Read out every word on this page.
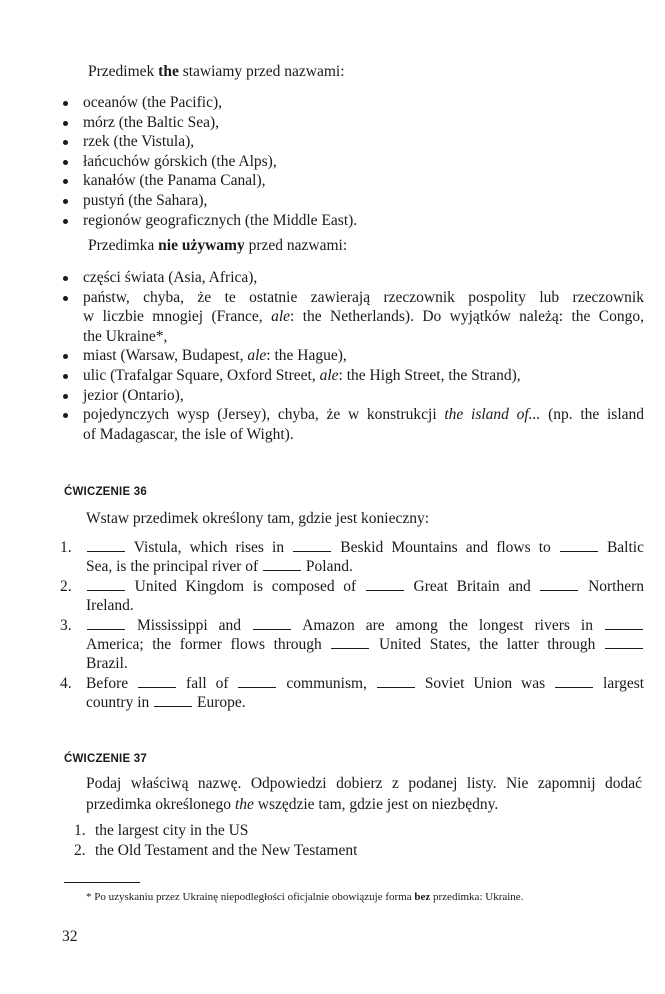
Przedimek the stawiamy przed nazwami:
oceanów (the Pacific),
mórz (the Baltic Sea),
rzek (the Vistula),
łańcuchów górskich (the Alps),
kanałów (the Panama Canal),
pustyń (the Sahara),
regionów geograficznych (the Middle East).
Przedimka nie używamy przed nazwami:
części świata (Asia, Africa),
państw, chyba, że te ostatnie zawierają rzeczownik pospolity lub rzeczownik
w liczbie mnogiej (France, ale: the Netherlands). Do wyjątków należą: the Congo,
the Ukraine*,
miast (Warsaw, Budapest, ale: the Hague),
ulic (Trafalgar Square, Oxford Street, ale: the High Street, the Strand),
jezior (Ontario),
pojedynczych wysp (Jersey), chyba, że w konstrukcji the island of... (np. the island
of Madagascar, the isle of Wight).
ĆWICZENIE 36
Wstaw przedimek określony tam, gdzie jest konieczny:
1.	Vistula, which rises in	Beskid Mountains and flows to	Baltic
Sea, is the principal river of	Poland.
2.	United Kingdom is composed of	Great Britain and	Northern
Ireland.
3.	Mississippi and	Amazon are among the longest rivers in
America; the former flows through	United States, the latter through
Brazil.
4. Before	fall of	communism,	Soviet Union was	largest
country in	Europe.
ĆWICZENIE 37
Podaj właściwą nazwę. Odpowiedzi dobierz z podanej listy. Nie zapomnij dodać
przedimka określonego the wszędzie tam, gdzie jest on niezbędny.
1. the largest city in the US
2. the Old Testament and the New Testament
* Po uzyskaniu przez Ukrainę niepodległości oficjalnie obowiązuje forma bez przedimka: Ukraine.
32
